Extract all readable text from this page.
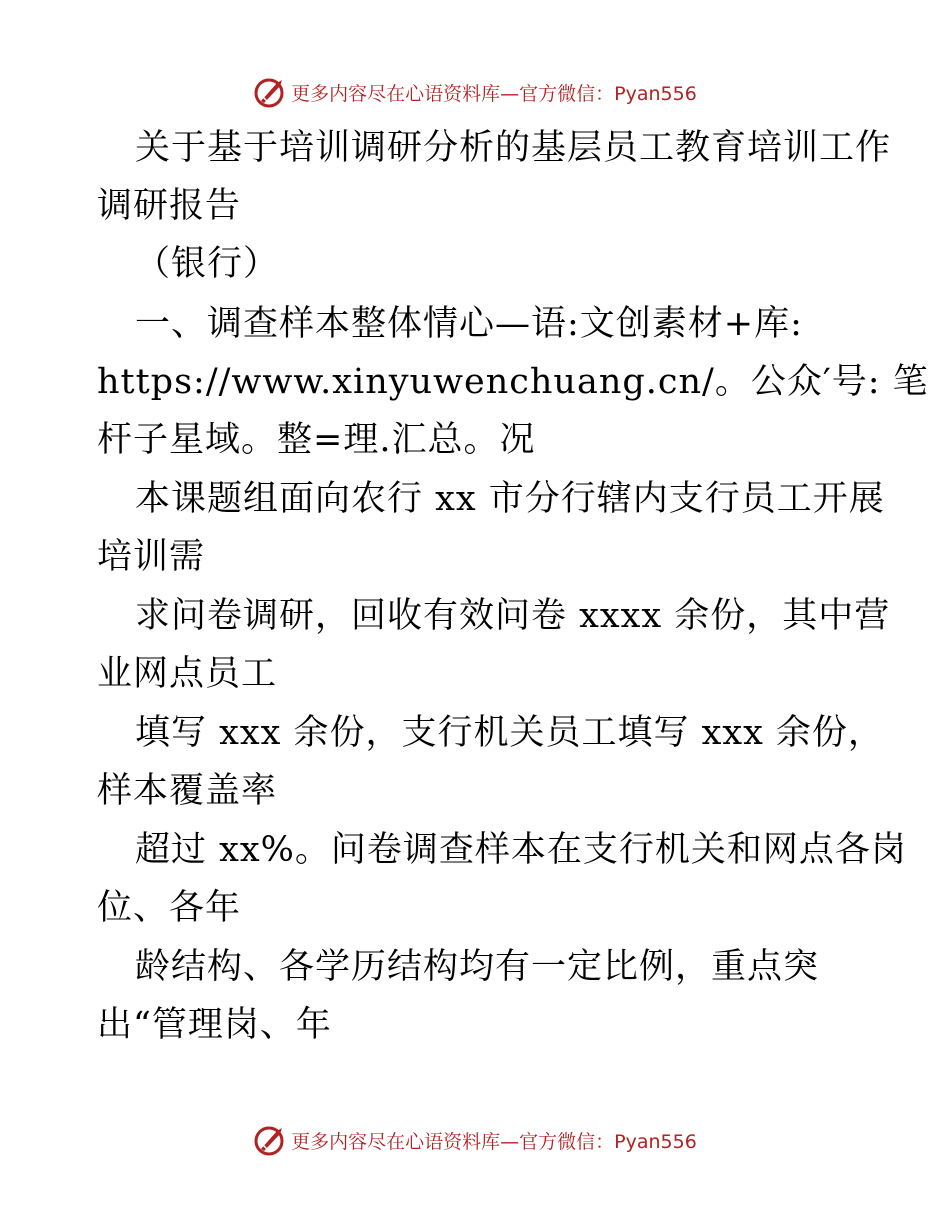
更多内容尽在心语资料库—官方微信：Pyan556
关于基于培训调研分析的基层员工教育培训工作
调研报告
（银行）
一、调查样本整体情心—语:文创素材+库:
https://www.xinyuwenchuang.cn/。公众′号: 笔
杆子星域。整=理.汇总。况
本课题组面向农行 xx 市分行辖内支行员工开展
培训需
求问卷调研，回收有效问卷 xxxx 余份，其中营
业网点员工
填写 xxx 余份，支行机关员工填写 xxx 余份，
样本覆盖率
超过 xx%。问卷调查样本在支行机关和网点各岗
位、各年
龄结构、各学历结构均有一定比例，重点突
出“管理岗、年
更多内容尽在心语资料库—官方微信：Pyan556
